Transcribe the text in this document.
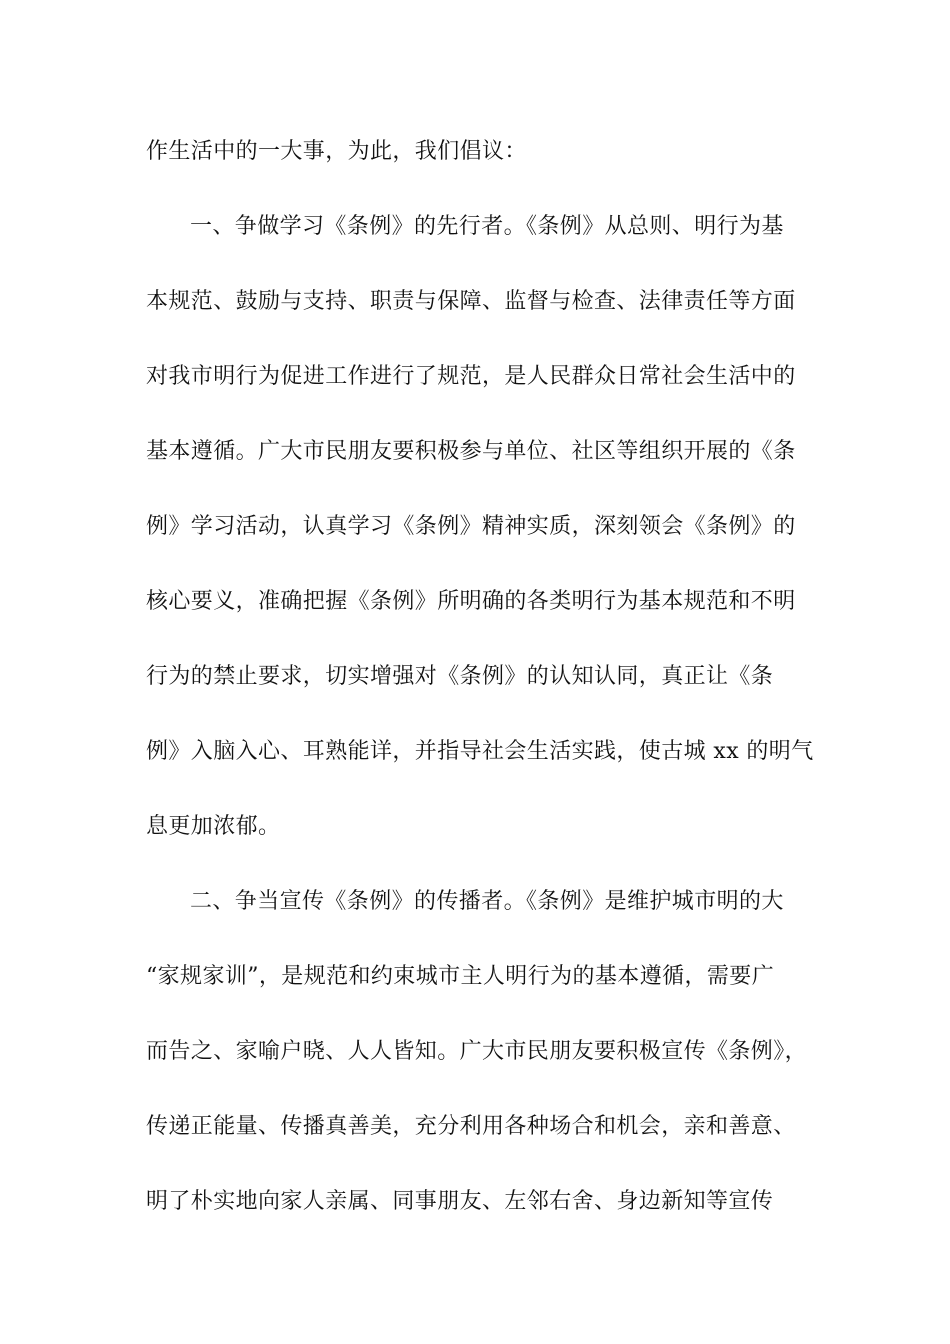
作生活中的一大事，为此，我们倡议：
一、争做学习《条例》的先行者。《条例》从总则、明行为基
本规范、鼓励与支持、职责与保障、监督与检查、法律责任等方面
对我市明行为促进工作进行了规范，是人民群众日常社会生活中的
基本遵循。广大市民朋友要积极参与单位、社区等组织开展的《条
例》学习活动，认真学习《条例》精神实质，深刻领会《条例》的
核心要义，准确把握《条例》所明确的各类明行为基本规范和不明
行为的禁止要求，切实增强对《条例》的认知认同，真正让《条
例》入脑入心、耳熟能详，并指导社会生活实践，使古城 xx 的明气
息更加浓郁。
二、争当宣传《条例》的传播者。《条例》是维护城市明的大
“家规家训”，是规范和约束城市主人明行为的基本遵循，需要广
而告之、家喻户晓、人人皆知。广大市民朋友要积极宣传《条例》，
传递正能量、传播真善美，充分利用各种场合和机会，亲和善意、
明了朴实地向家人亲属、同事朋友、左邻右舍、身边新知等宣传
